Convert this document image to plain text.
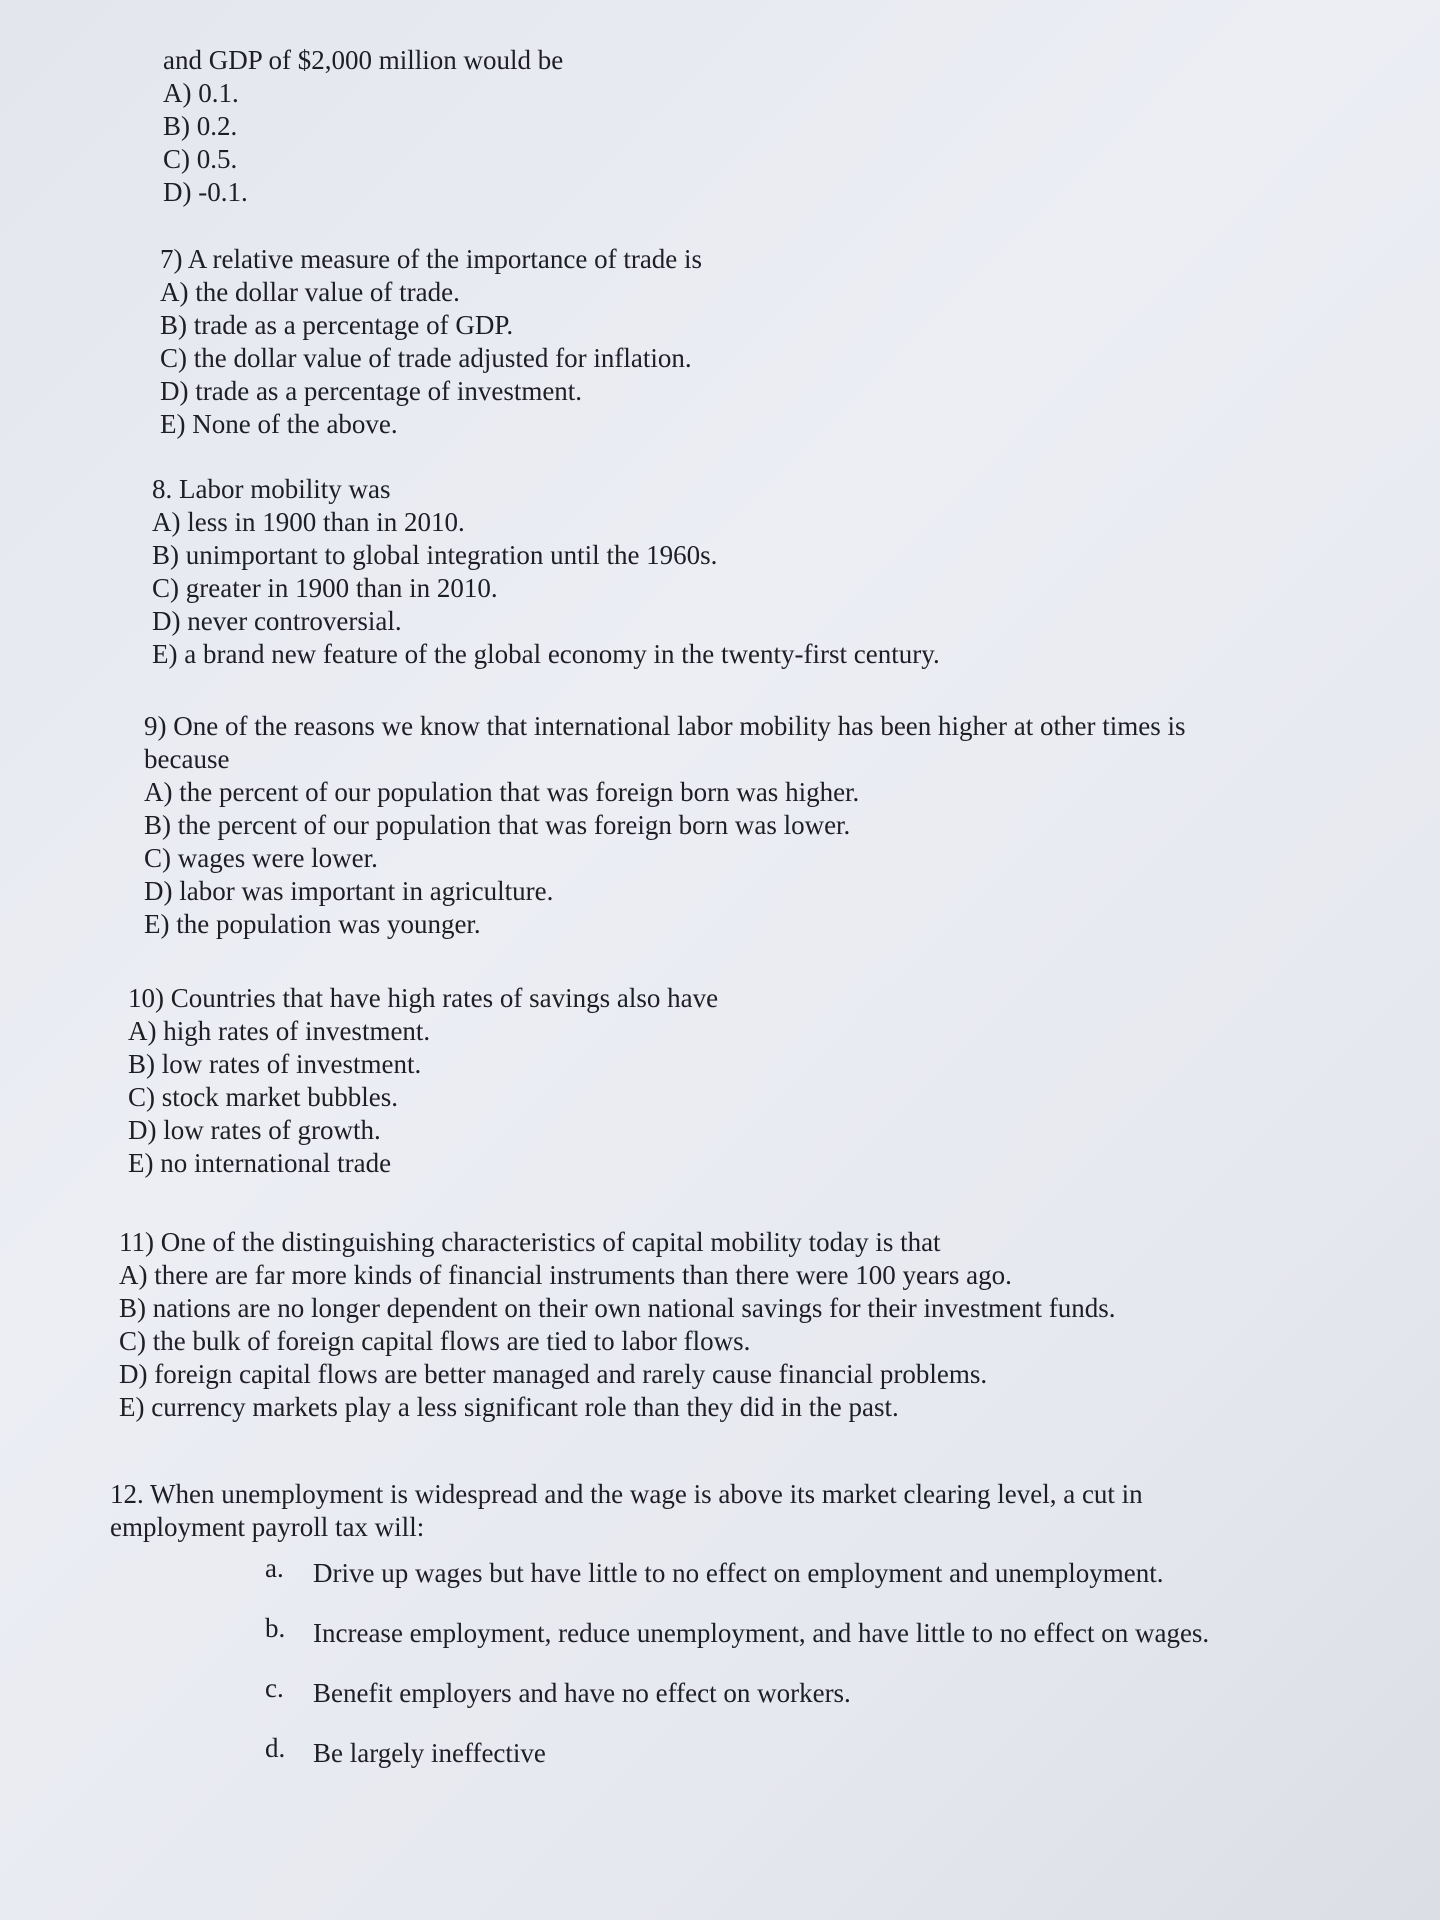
and GDP of $2,000 million would be
A) 0.1.
B) 0.2.
C) 0.5.
D) -0.1.
7) A relative measure of the importance of trade is
A) the dollar value of trade.
B) trade as a percentage of GDP.
C) the dollar value of trade adjusted for inflation.
D) trade as a percentage of investment.
E) None of the above.
8. Labor mobility was
A) less in 1900 than in 2010.
B) unimportant to global integration until the 1960s.
C) greater in 1900 than in 2010.
D) never controversial.
E) a brand new feature of the global economy in the twenty-first century.
9) One of the reasons we know that international labor mobility has been higher at other times is
because
A) the percent of our population that was foreign born was higher.
B) the percent of our population that was foreign born was lower.
C) wages were lower.
D) labor was important in agriculture.
E) the population was younger.
10) Countries that have high rates of savings also have
A) high rates of investment.
B) low rates of investment.
C) stock market bubbles.
D) low rates of growth.
E) no international trade
11) One of the distinguishing characteristics of capital mobility today is that
A) there are far more kinds of financial instruments than there were 100 years ago.
B) nations are no longer dependent on their own national savings for their investment funds.
C) the bulk of foreign capital flows are tied to labor flows.
D) foreign capital flows are better managed and rarely cause financial problems.
E) currency markets play a less significant role than they did in the past.
12. When unemployment is widespread and the wage is above its market clearing level, a cut in
employment payroll tax will:
a.	Drive up wages but have little to no effect on employment and unemployment.
b.	Increase employment, reduce unemployment, and have little to no effect on wages.
c.	Benefit employers and have no effect on workers.
d.	Be largely ineffective
